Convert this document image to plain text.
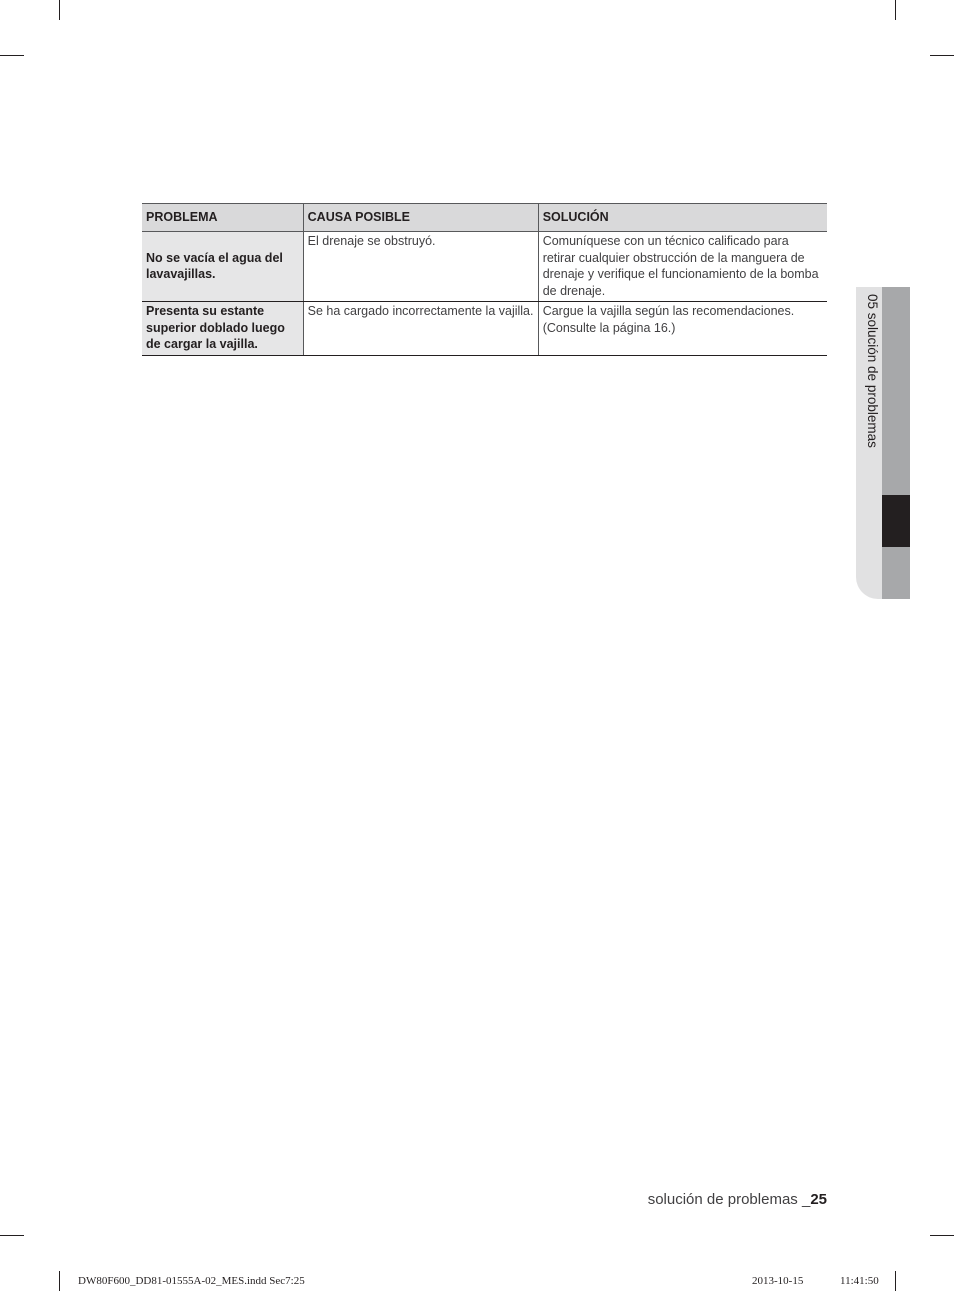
PROBLEMA	CAUSA POSIBLE	SOLUCIÓN
No se vacía el agua del lavavajillas.	El drenaje se obstruyó.	Comuníquese con un técnico calificado para retirar cualquier obstrucción de la manguera de drenaje y verifique el funcionamiento de la bomba de drenaje.
Presenta su estante superior doblado luego de cargar la vajilla.	Se ha cargado incorrectamente la vajilla.	Cargue la vajilla según las recomendaciones. (Consulte la página 16.)	05 solución de problemas
solución de problemas _25
DW80F600_DD81-01555A-02_MES.indd Sec7:25	2013-10-15	11:41:50
